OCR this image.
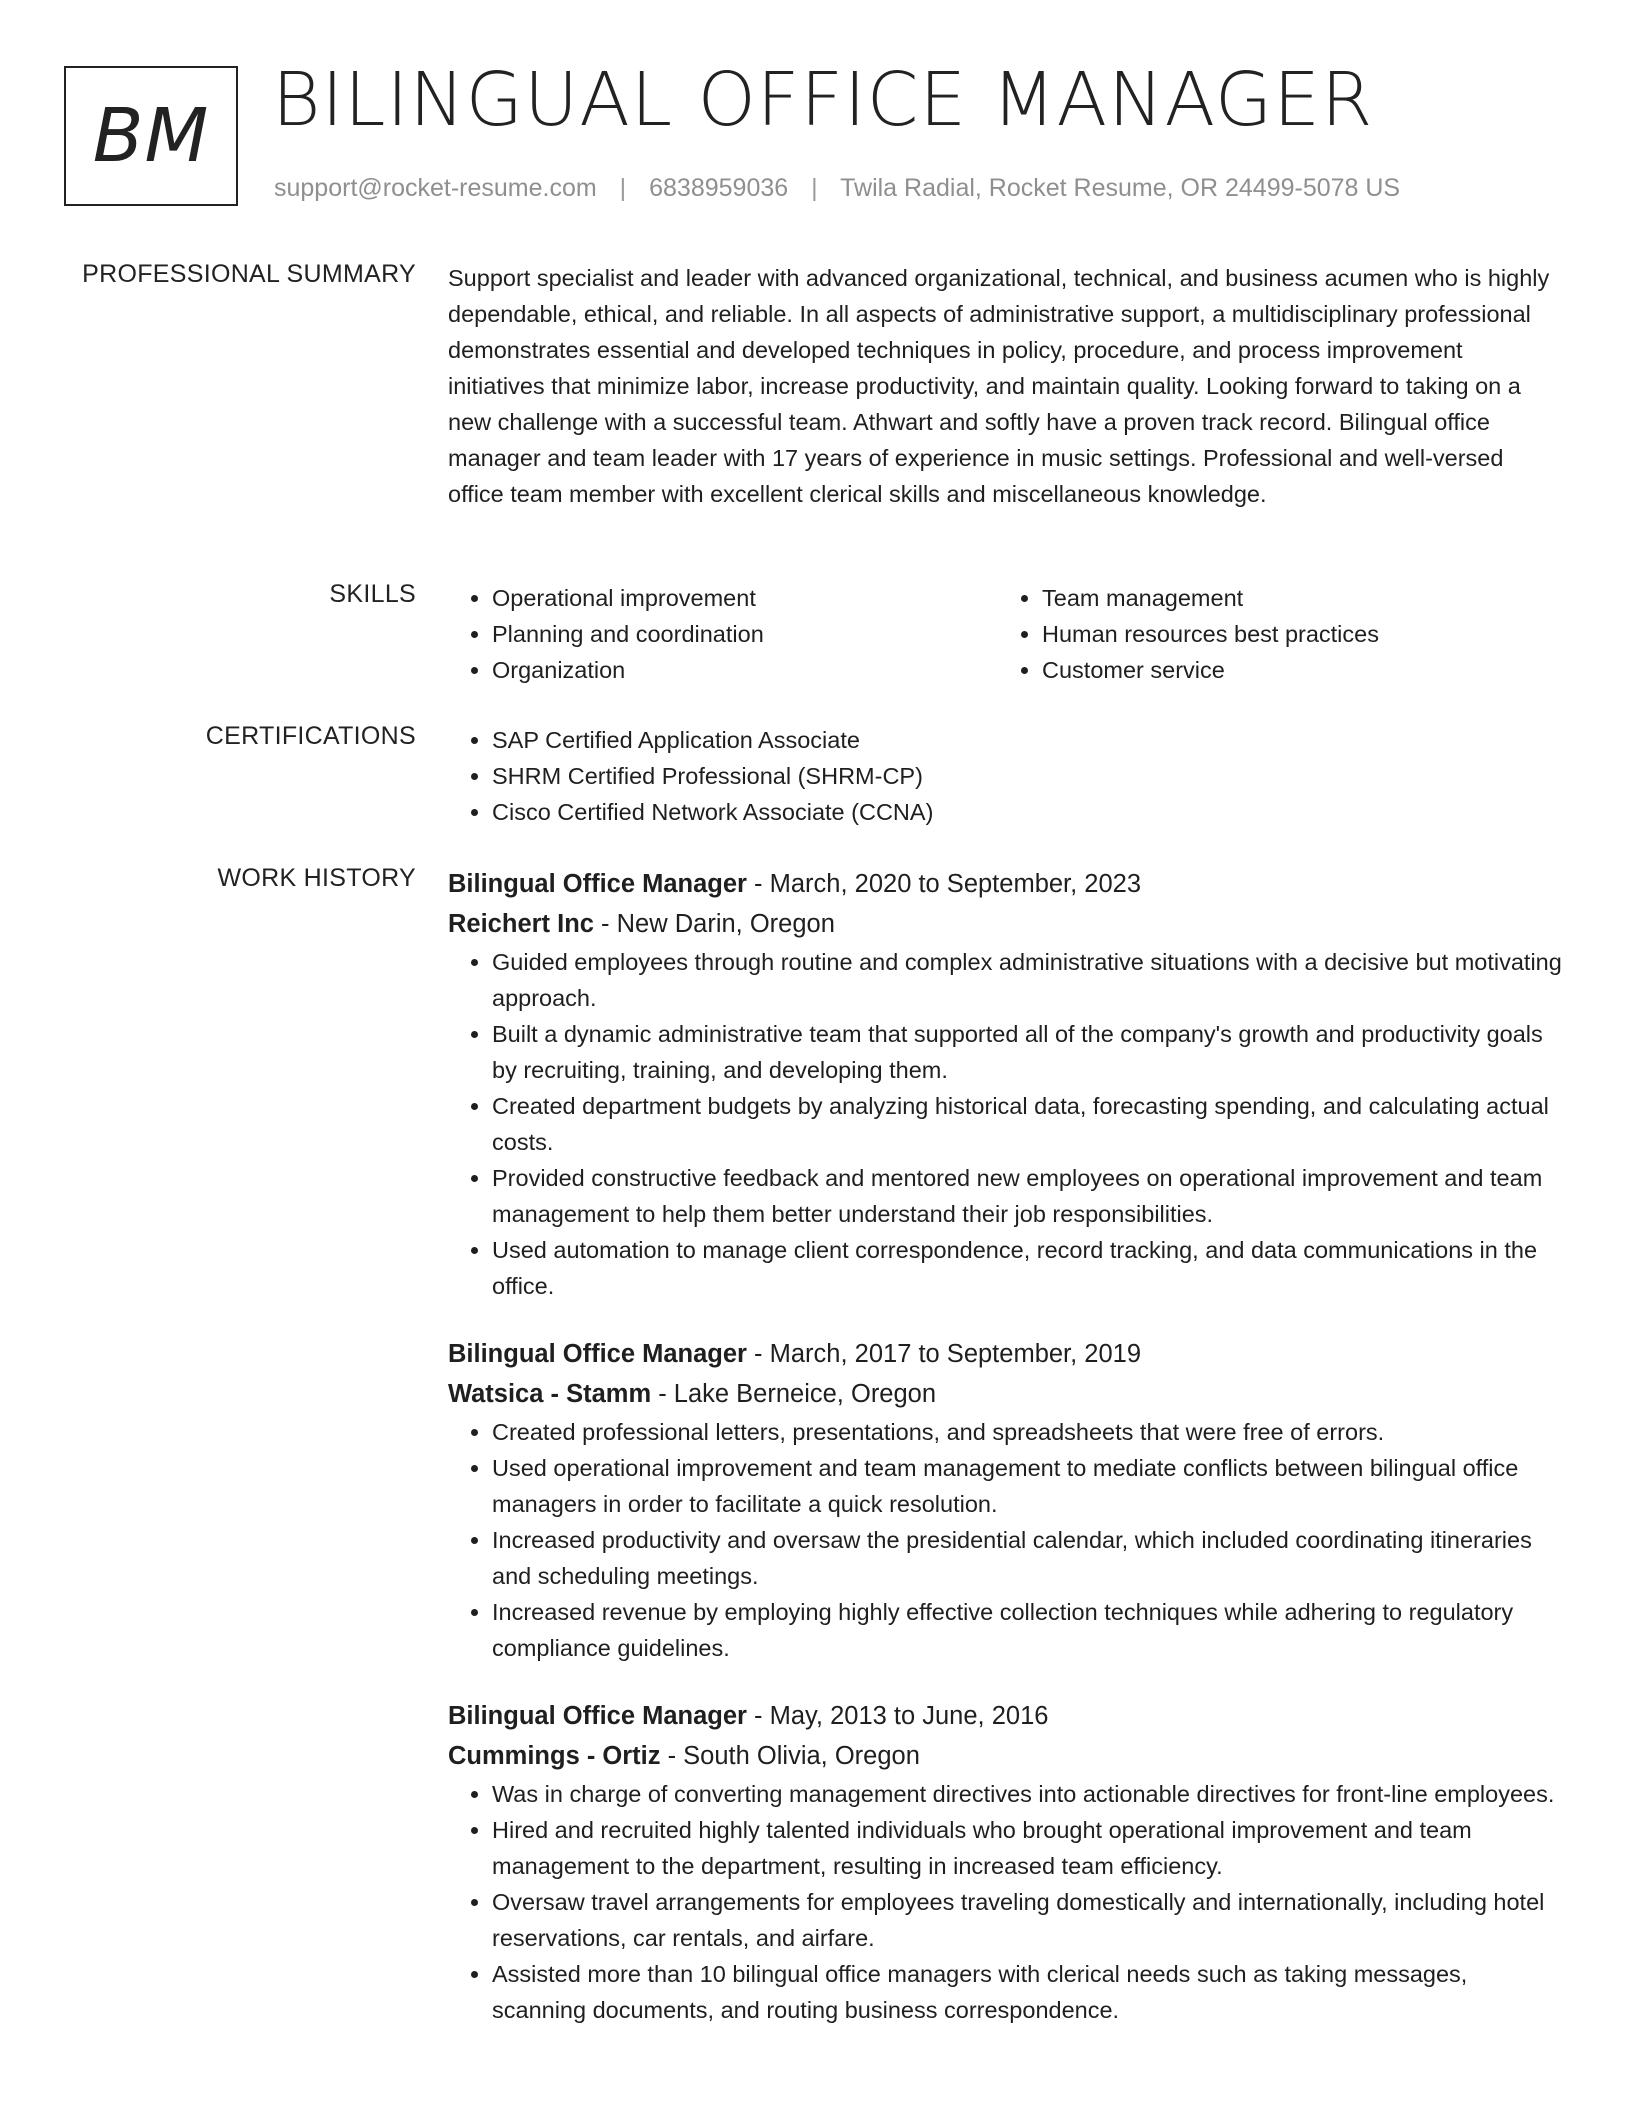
BM BILINGUAL OFFICE MANAGER
support@rocket-resume.com | 6838959036 | Twila Radial, Rocket Resume, OR 24499-5078 US
PROFESSIONAL SUMMARY Support specialist and leader with advanced organizational, technical, and business acumen who is highly dependable, ethical, and reliable. In all aspects of administrative support, a multidisciplinary professional demonstrates essential and developed techniques in policy, procedure, and process improvement initiatives that minimize labor, increase productivity, and maintain quality. Looking forward to taking on a new challenge with a successful team. Athwart and softly have a proven track record. Bilingual office manager and team leader with 17 years of experience in music settings. Professional and well-versed office team member with excellent clerical skills and miscellaneous knowledge.

SKILLS	• Operational improvement
• Planning and coordination
• Organization
• Team management
• Human resources best practices
• Customer service
CERTIFICATIONS	• SAP Certified Application Associate
• SHRM Certified Professional (SHRM-CP)
• Cisco Certified Network Associate (CCNA)
WORK HISTORY Bilingual Office Manager - March, 2020 to September, 2023
Reichert Inc - New Darin, Oregon
• Guided employees through routine and complex administrative situations with a decisive but motivating approach.
• Built a dynamic administrative team that supported all of the company's growth and productivity goals by recruiting, training, and developing them.
• Created department budgets by analyzing historical data, forecasting spending, and calculating actual costs.
• Provided constructive feedback and mentored new employees on operational improvement and team management to help them better understand their job responsibilities.
• Used automation to manage client correspondence, record tracking, and data communications in the office.
Bilingual Office Manager - March, 2017 to September, 2019
Watsica - Stamm - Lake Berneice, Oregon
• Created professional letters, presentations, and spreadsheets that were free of errors.
• Used operational improvement and team management to mediate conflicts between bilingual office managers in order to facilitate a quick resolution.
• Increased productivity and oversaw the presidential calendar, which included coordinating itineraries and scheduling meetings.
• Increased revenue by employing highly effective collection techniques while adhering to regulatory compliance guidelines.
Bilingual Office Manager - May, 2013 to June, 2016
Cummings - Ortiz - South Olivia, Oregon
• Was in charge of converting management directives into actionable directives for front-line employees.
• Hired and recruited highly talented individuals who brought operational improvement and team management to the department, resulting in increased team efficiency.
• Oversaw travel arrangements for employees traveling domestically and internationally, including hotel reservations, car rentals, and airfare.
• Assisted more than 10 bilingual office managers with clerical needs such as taking messages, scanning documents, and routing business correspondence.
